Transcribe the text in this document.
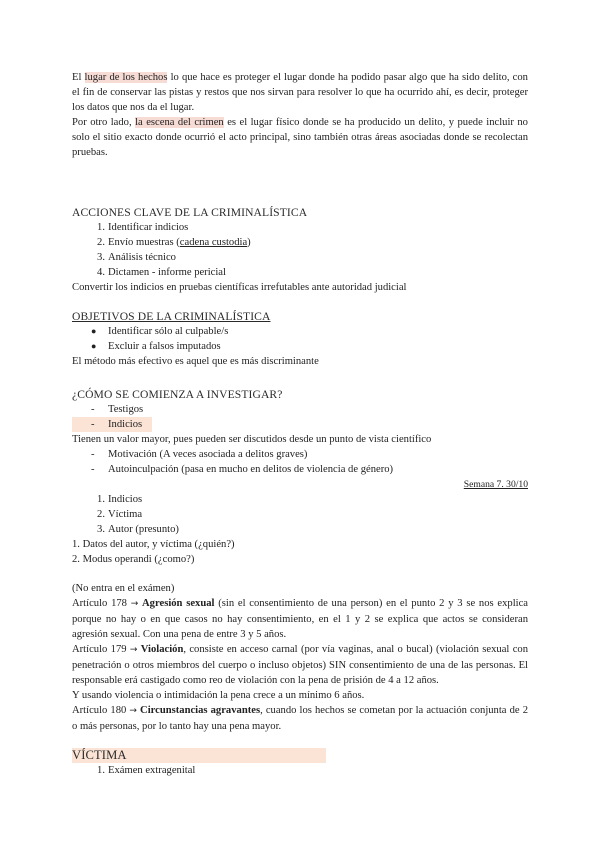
El lugar de los hechos lo que hace es proteger el lugar donde ha podido pasar algo que ha sido delito, con el fin de conservar las pistas y restos que nos sirvan para resolver lo que ha ocurrido ahí, es decir, proteger los datos que nos da el lugar.

Por otro lado, la escena del crimen es el lugar físico donde se ha producido un delito, y puede incluir no solo el sitio exacto donde ocurrió el acto principal, sino también otras áreas asociadas donde se recolectan pruebas.

ACCIONES CLAVE DE LA CRIMINALÍSTICA

1. Identificar indicios
2. Envío muestras (cadena custodia)
3. Análisis técnico
4. Dictamen - informe pericial

Convertir los indicios en pruebas científicas irrefutables ante autoridad judicial

OBJETIVOS DE LA CRIMINALÍSTICA

● Identificar sólo al culpable/s
● Excluir a falsos imputados

El método más efectivo es aquel que es más discriminante

¿CÓMO SE COMIENZA A INVESTIGAR?

- Testigos
- Indicios

Tienen un valor mayor, pues pueden ser discutidos desde un punto de vista científico

- Motivación (A veces asociada a delitos graves)
- Autoinculpación (pasa en mucho en delitos de violencia de género)

Semana 7. 30/10

1. Indicios
2. Víctima
3. Autor (presunto)

1. Datos del autor, y víctima (¿quién?)

2. Modus operandi (¿como?)

(No entra en el exámen)

Artículo 178 → Agresión sexual (sin el consentimiento de una person) en el punto 2 y 3 se nos explica porque no hay o en que casos no hay consentimiento, en el 1 y 2 se explica que actos se consideran agresión sexual. Con una pena de entre 3 y 5 años.

Artículo 179 → Violación, consiste en acceso carnal (por vía vaginas, anal o bucal) (violación sexual con penetración o otros miembros del cuerpo o incluso objetos) SIN consentimiento de una de las personas. El responsable erá castigado como reo de violación con la pena de prisión de 4 a 12 años.

Y usando violencia o intimidación la pena crece a un mínimo 6 años.

Artículo 180 → Circunstancias agravantes, cuando los hechos se cometan por la actuación conjunta de 2 o más personas, por lo tanto hay una pena mayor.

VÍCTIMA

1. Exámen extragenital
